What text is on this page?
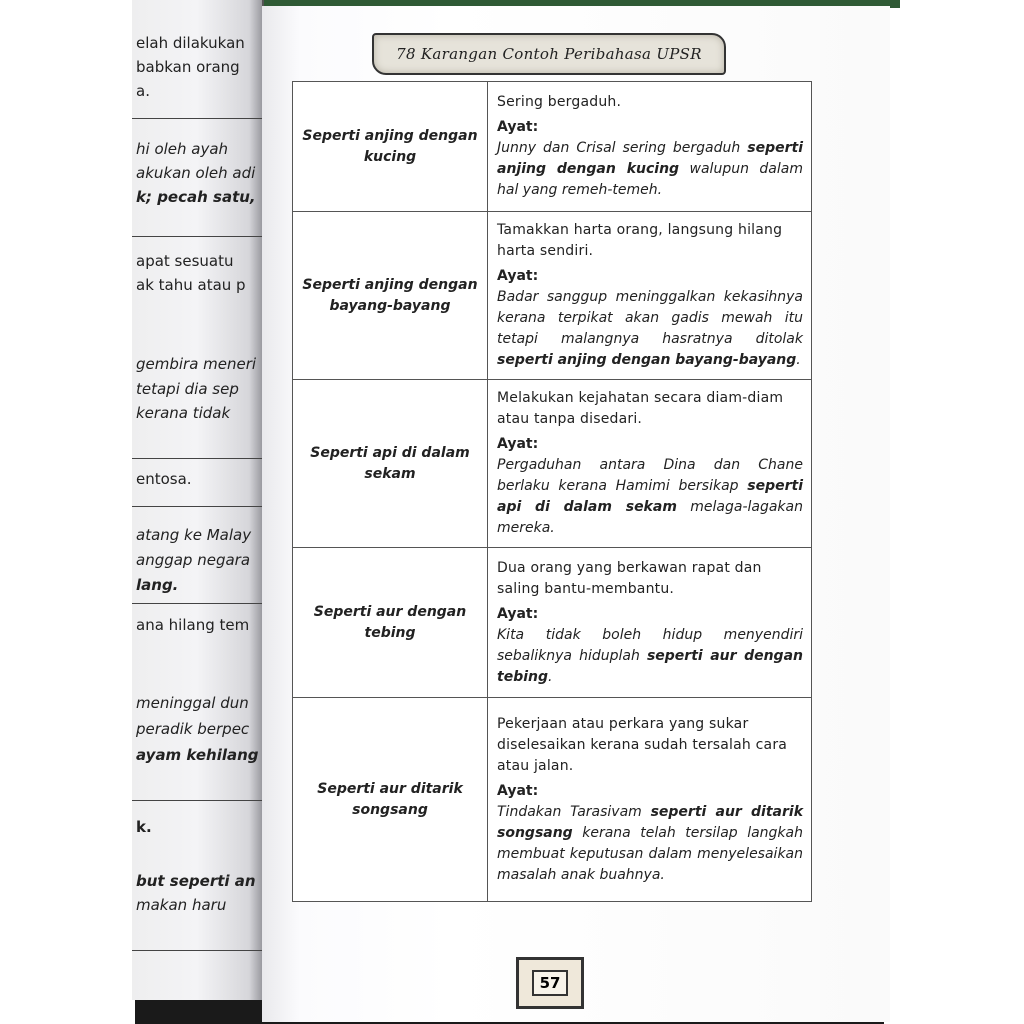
elah dilakukan
babkan orang
a.
hi oleh ayah
akukan oleh adi
k; pecah satu,
apat sesuatu
ak tahu atau p
gembira meneri
tetapi dia sep
kerana tidak
entosa.
atang ke Malay
anggap negara
lang.
ana hilang tem
meninggal dun
peradik berpec
ayam kehilang
k.
but seperti an
makan haru
78 Karangan Contoh Peribahasa UPSR
Seperti anjing dengan kucing	Sering bergaduh.
Ayat:
Junny dan Crisal sering bergaduh seperti anjing dengan kucing walupun dalam hal yang remeh-temeh.

Seperti anjing dengan bayang-bayang	Tamakkan harta orang, langsung hilang harta sendiri.
Ayat:
Badar sanggup meninggalkan kekasihnya kerana terpikat akan gadis mewah itu tetapi malangnya hasratnya ditolak seperti anjing dengan bayang-bayang.

Seperti api di dalam sekam	Melakukan kejahatan secara diam-diam atau tanpa disedari.
Ayat:
Pergaduhan antara Dina dan Chane berlaku kerana Hamimi bersikap seperti api di dalam sekam melaga-lagakan mereka.

Seperti aur dengan tebing	Dua orang yang berkawan rapat dan saling bantu-membantu.
Ayat:
Kita tidak boleh hidup menyendiri sebaliknya hiduplah seperti aur dengan tebing.

Seperti aur ditarik songsang	Pekerjaan atau perkara yang sukar diselesaikan kerana sudah tersalah cara atau jalan.
Ayat:
Tindakan Tarasivam seperti aur ditarik songsang kerana telah tersilap langkah membuat keputusan dalam menyelesaikan masalah anak buahnya.
57
